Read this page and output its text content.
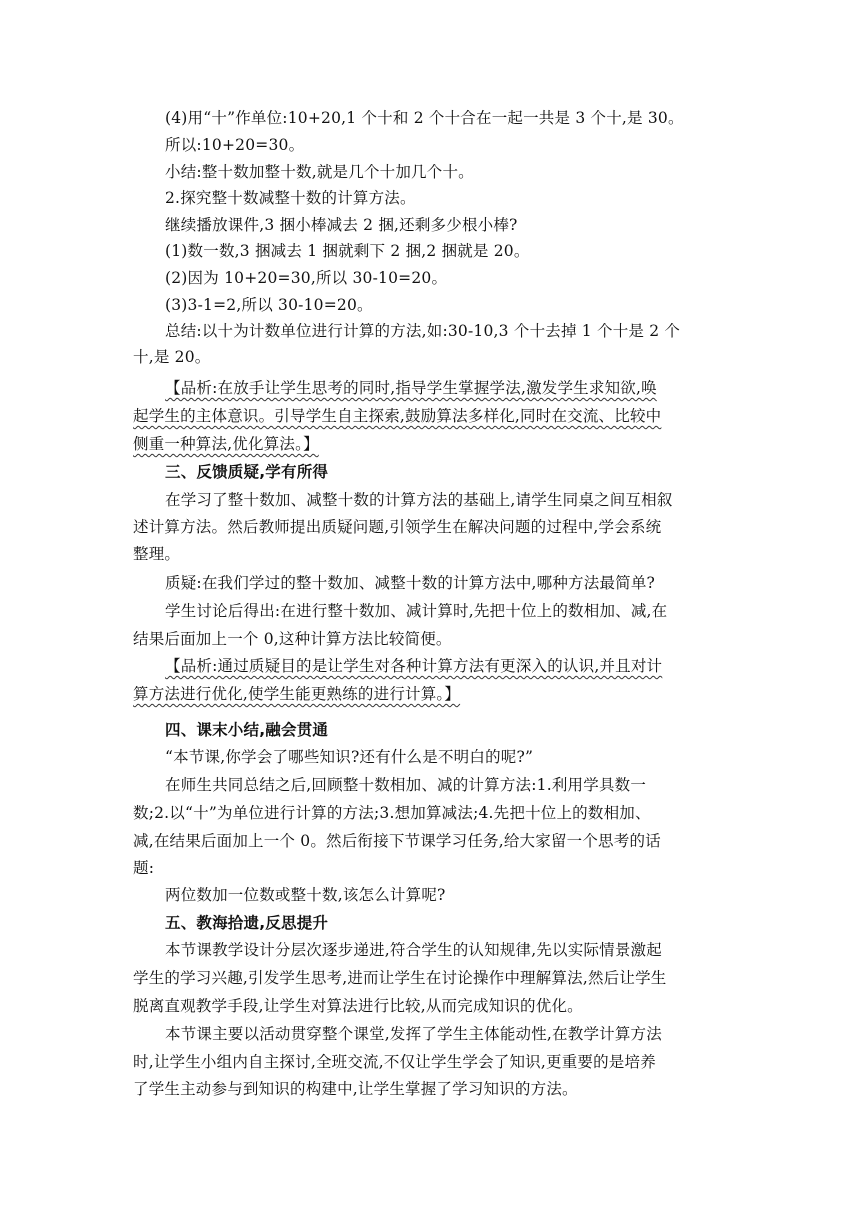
(4)用“十”作单位:10+20,1 个十和 2 个十合在一起一共是 3 个十,是 30。
所以:10+20=30。
小结:整十数加整十数,就是几个十加几个十。
2.探究整十数减整十数的计算方法。
继续播放课件,3 捆小棒减去 2 捆,还剩多少根小棒?
(1)数一数,3 捆减去 1 捆就剩下 2 捆,2 捆就是 20。
(2)因为 10+20=30,所以 30-10=20。
(3)3-1=2,所以 30-10=20。
总结:以十为计数单位进行计算的方法,如:30-10,3 个十去掉 1 个十是 2 个
十,是 20。
【品析:在放手让学生思考的同时,指导学生掌握学法,激发学生求知欲,唤
起学生的主体意识。引导学生自主探索,鼓励算法多样化,同时在交流、比较中
侧重一种算法,优化算法。】
三、反馈质疑,学有所得
在学习了整十数加、减整十数的计算方法的基础上,请学生同桌之间互相叙
述计算方法。然后教师提出质疑问题,引领学生在解决问题的过程中,学会系统
整理。
质疑:在我们学过的整十数加、减整十数的计算方法中,哪种方法最简单?
学生讨论后得出:在进行整十数加、减计算时,先把十位上的数相加、减,在
结果后面加上一个 0,这种计算方法比较简便。
【品析:通过质疑目的是让学生对各种计算方法有更深入的认识,并且对计
算方法进行优化,使学生能更熟练的进行计算。】
四、课末小结,融会贯通
“本节课,你学会了哪些知识?还有什么是不明白的呢?”
在师生共同总结之后,回顾整十数相加、减的计算方法:1.利用学具数一
数;2.以“十”为单位进行计算的方法;3.想加算减法;4.先把十位上的数相加、
减,在结果后面加上一个 0。然后衔接下节课学习任务,给大家留一个思考的话
题:
两位数加一位数或整十数,该怎么计算呢?
五、教海拾遗,反思提升
本节课教学设计分层次逐步递进,符合学生的认知规律,先以实际情景激起
学生的学习兴趣,引发学生思考,进而让学生在讨论操作中理解算法,然后让学生
脱离直观教学手段,让学生对算法进行比较,从而完成知识的优化。
本节课主要以活动贯穿整个课堂,发挥了学生主体能动性,在教学计算方法
时,让学生小组内自主探讨,全班交流,不仅让学生学会了知识,更重要的是培养
了学生主动参与到知识的构建中,让学生掌握了学习知识的方法。
